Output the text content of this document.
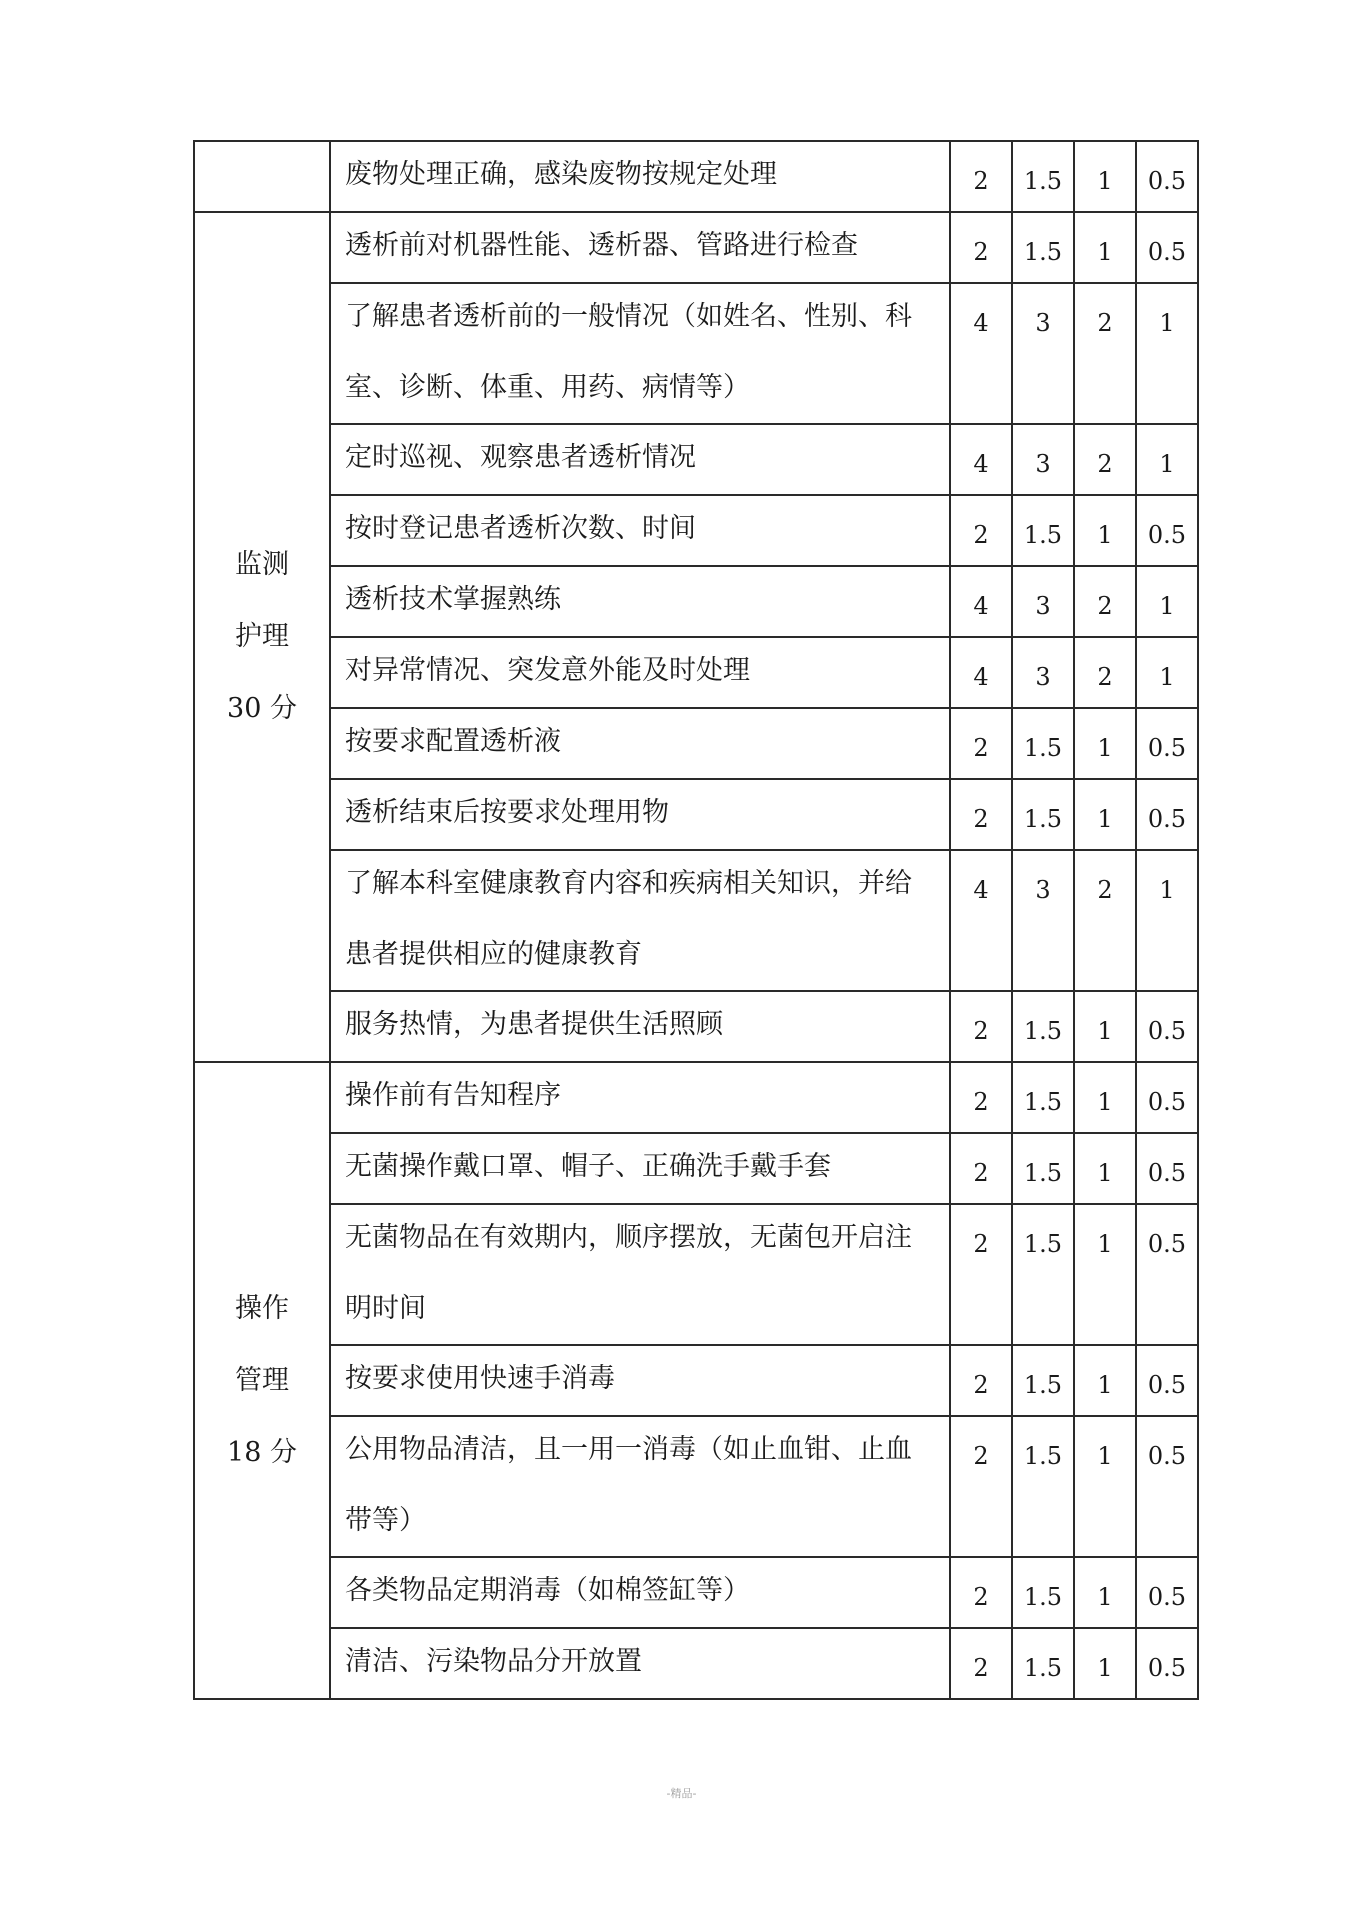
	废物处理正确，感染废物按规定处理	2	1.5	1	0.5

监测
护理
30 分	透析前对机器性能、透析器、管路进行检查	2	1.5	1	0.5

	了解患者透析前的一般情况（如姓名、性别、科室、诊断、体重、用药、病情等）	4	3	2	1

	定时巡视、观察患者透析情况	4	3	2	1

	按时登记患者透析次数、时间	2	1.5	1	0.5

	透析技术掌握熟练	4	3	2	1

	对异常情况、突发意外能及时处理	4	3	2	1

	按要求配置透析液	2	1.5	1	0.5

	透析结束后按要求处理用物	2	1.5	1	0.5

	了解本科室健康教育内容和疾病相关知识，并给患者提供相应的健康教育	4	3	2	1

	服务热情，为患者提供生活照顾	2	1.5	1	0.5

操作
管理
18 分	操作前有告知程序	2	1.5	1	0.5

	无菌操作戴口罩、帽子、正确洗手戴手套	2	1.5	1	0.5

	无菌物品在有效期内，顺序摆放，无菌包开启注明时间	2	1.5	1	0.5

	按要求使用快速手消毒	2	1.5	1	0.5

	公用物品清洁，且一用一消毒（如止血钳、止血带等）	2	1.5	1	0.5

	各类物品定期消毒（如棉签缸等）	2	1.5	1	0.5

	清洁、污染物品分开放置	2	1.5	1	0.5
-精品-
